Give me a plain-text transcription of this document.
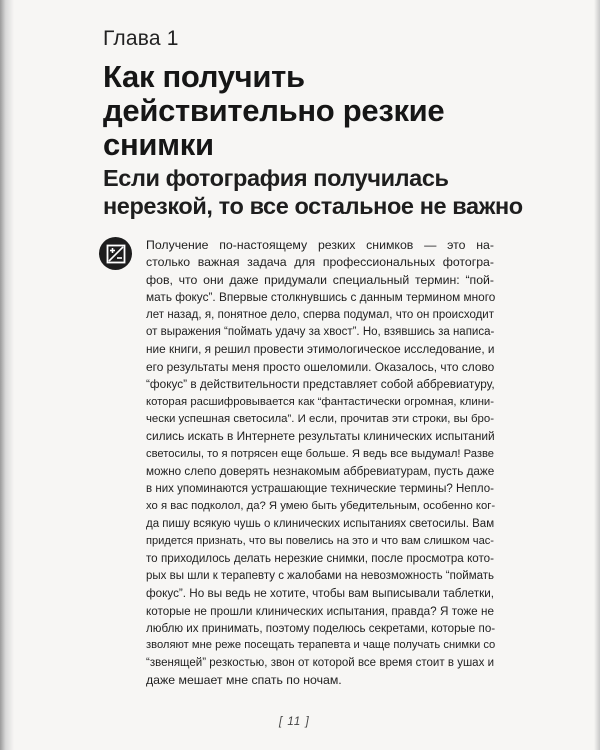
Глава 1
Как получить
действительно резкие
снимки
Если фотография получилась
нерезкой, то все остальное не важно
Получение по-настоящему резких снимков — это на-
столько важная задача для профессиональных фотогра-
фов, что они даже придумали специальный термин: “пой-
мать фокус”. Впервые столкнувшись с данным термином много
лет назад, я, понятное дело, сперва подумал, что он происходит
от выражения “поймать удачу за хвост”. Но, взявшись за написа-
ние книги, я решил провести этимологическое исследование, и
его результаты меня просто ошеломили. Оказалось, что слово
“фокус” в действительности представляет собой аббревиатуру,
которая расшифровывается как “фантастически огромная, клини-
чески успешная светосила”. И если, прочитав эти строки, вы бро-
сились искать в Интернете результаты клинических испытаний
светосилы, то я потрясен еще больше. Я ведь все выдумал! Разве
можно слепо доверять незнакомым аббревиатурам, пусть даже
в них упоминаются устрашающие технические термины? Непло-
хо я вас подколол, да? Я умею быть убедительным, особенно ког-
да пишу всякую чушь о клинических испытаниях светосилы. Вам
придется признать, что вы повелись на это и что вам слишком час-
то приходилось делать нерезкие снимки, после просмотра кото-
рых вы шли к терапевту с жалобами на невозможность “поймать
фокус”. Но вы ведь не хотите, чтобы вам выписывали таблетки,
которые не прошли клинических испытания, правда? Я тоже не
люблю их принимать, поэтому поделюсь секретами, которые по-
зволяют мне реже посещать терапевта и чаще получать снимки со
“звенящей” резкостью, звон от которой все время стоит в ушах и
даже мешает мне спать по ночам.
[ 11 ]
